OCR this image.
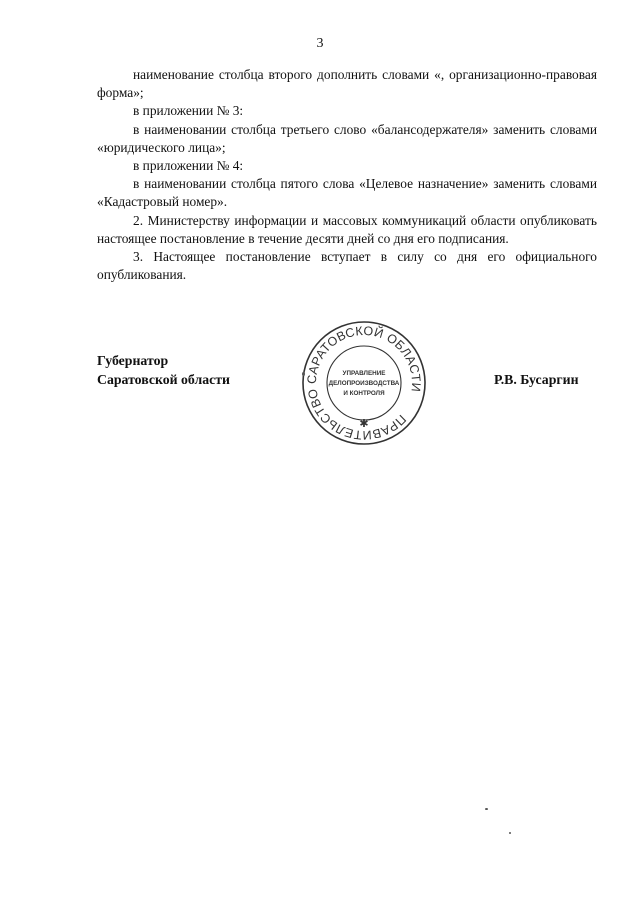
3

наименование столбца второго дополнить словами «, организационно-правовая форма»;

в приложении № 3:

в наименовании столбца третьего слово «балансодержателя» заменить словами «юридического лица»;

в приложении № 4:

в наименовании столбца пятого слова «Целевое назначение» заменить словами «Кадастровый номер».

2. Министерству информации и массовых коммуникаций области опубликовать настоящее постановление в течение десяти дней со дня его подписания.

3. Настоящее постановление вступает в силу со дня его официального опубликования.

Губернатор
Саратовской области	Р.В. Бусаргин
ПРАВИТЕЛЬСТВО САРАТОВСКОЙ ОБЛАСТИ
✱
УПРАВЛЕНИЕ
ДЕЛОПРОИЗВОДСТВА
И КОНТРОЛЯ
